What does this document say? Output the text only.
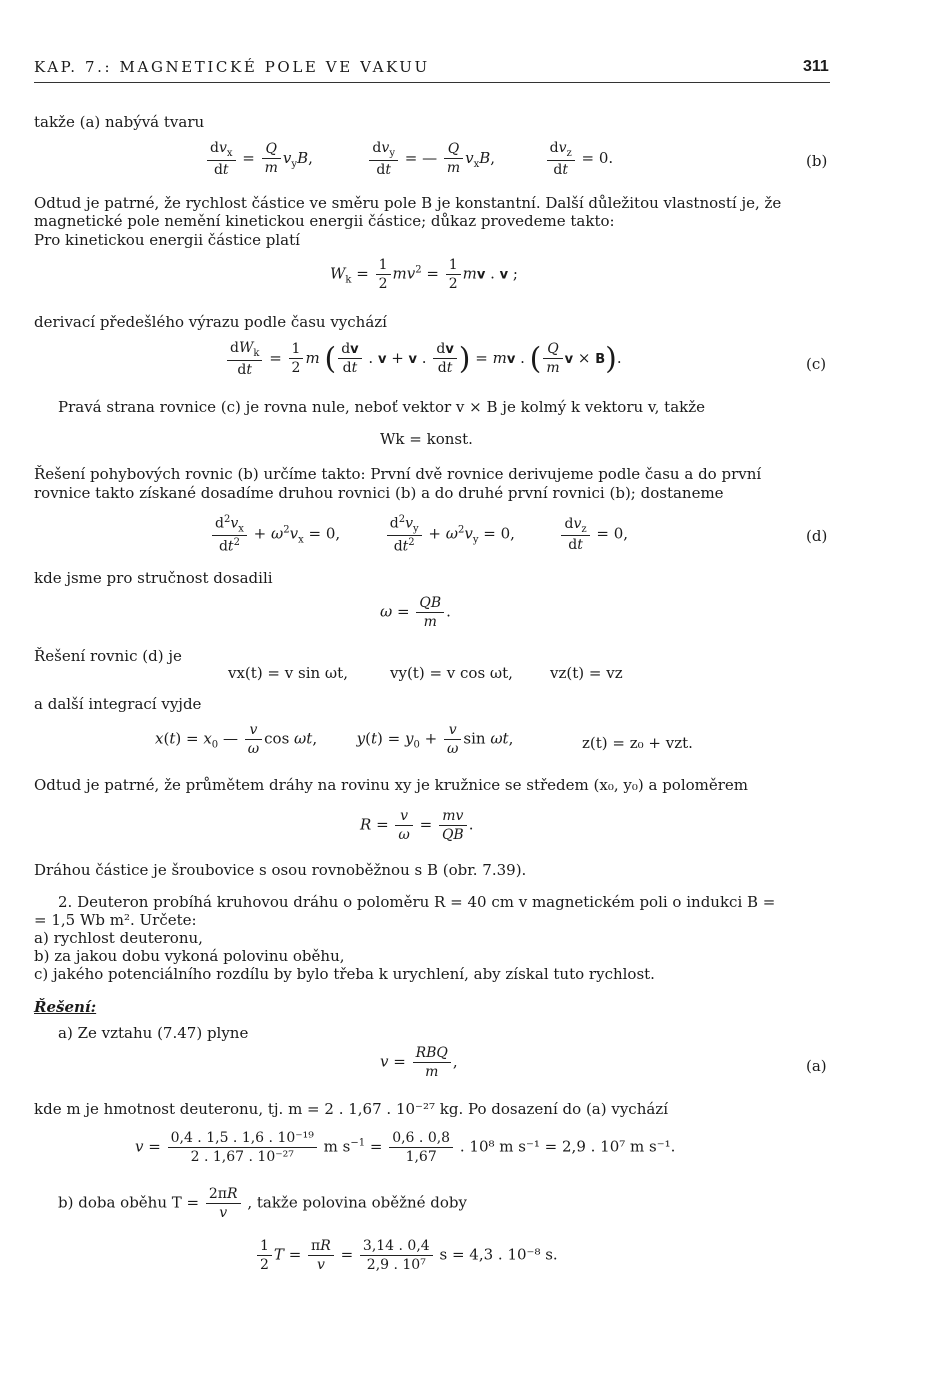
KAP. 7.: MAGNETICKÉ POLE VE VAKUU	311
takže (a) nabývá tvaru
$\frac{dv_x}{dt} = \frac{Q}{m} v_yB$,	$\frac{dv_y}{dt}$ = — $\frac{Q}{m} v_xB$,	$\frac{dv_z}{dt} = 0$.	(b)
Odtud je patrné, že rychlost částice ve směru pole B je konstantní. Další důležitou vlastností je, že
magnetické pole nemění kinetickou energii částice; důkaz provedeme takto:
Pro kinetickou energii částice platí
$W_k = \frac{1}{2} mv^2 = \frac{1}{2}$ mv . v ;
derivací předešlého výrazu podle času vychází
$\frac{dW_k}{dt} = \frac{1}{2}$ m ( $\frac{dv}{dt}$ . v + v . $\frac{dv}{dt}$ ) = mv . ( $\frac{Q}{m}$ v × B).	(c)
Pravá strana rovnice (c) je rovna nule, neboť vektor v × B je kolmý k vektoru v, takže
Wk = konst.
Řešení pohybových rovnic (b) určíme takto: První dvě rovnice derivujeme podle času a do první
rovnice takto získané dosadíme druhou rovnici (b) a do druhé první rovnici (b); dostaneme
$\frac{d^2v_x}{dt^2} + \omega^2v_x = 0$,	$\frac{d^2v_y}{dt^2} + \omega^2v_y = 0$,	$\frac{dv_z}{dt} = 0$,	(d)
kde jsme pro stručnost dosadili
$\omega = \frac{QB}{m}$ .
Řešení rovnic (d) je
vx(t) = v sin ωt,	vy(t) = v cos ωt, vz(t) = vz
a další integrací vyjde
$x(t) = x_0$ — $\frac{v}{\omega}$ cos ωt,  $y(t) = y_0 + \frac{v}{\omega}$ sin ωt,	z(t) = z₀ + vzt.
Odtud je patrné, že průmětem dráhy na rovinu xy je kružnice se středem (x₀, y₀) a poloměrem
$R = \frac{v}{\omega} = \frac{mv}{QB}$ .
Dráhou částice je šroubovice s osou rovnoběžnou s B (obr. 7.39).
2. Deuteron probíhá kruhovou dráhu o poloměru R = 40 cm v magnetickém poli o indukci B =
= 1,5 Wb m². Určete:
a) rychlost deuteronu,
b) za jakou dobu vykoná polovinu oběhu,
c) jakého potenciálního rozdílu by bylo třeba k urychlení, aby získal tuto rychlost.
Řešení:
a) Ze vztahu (7.47) plyne
$v = \frac{\text{RBQ}}{m}$ ,	(a)
kde m je hmotnost deuteronu, tj. m = 2 . 1,67 . 10⁻²⁷ kg. Po dosazení do (a) vychází
$v = \frac{\text{0,4 . 1,5 . 1,6 . 10⁻¹⁹}}{\text{2 . 1,67 . 10⁻²⁷}}$ m $s^{-1} = \frac{0,6 . 0,8}{1,67}$ . 10⁸ m s⁻¹ = 2,9 . 10⁷ m s⁻¹.
b) doba oběhu $T = \frac{2\pi R}{v}$ , takže polovina oběžné doby
$\frac{1}{2}$ $T = \frac{\pi R}{v} = \frac{3,14 . 0,4}{\text{2,9 . 10⁷}}$ s = 4,3 . 10⁻⁸ s.
